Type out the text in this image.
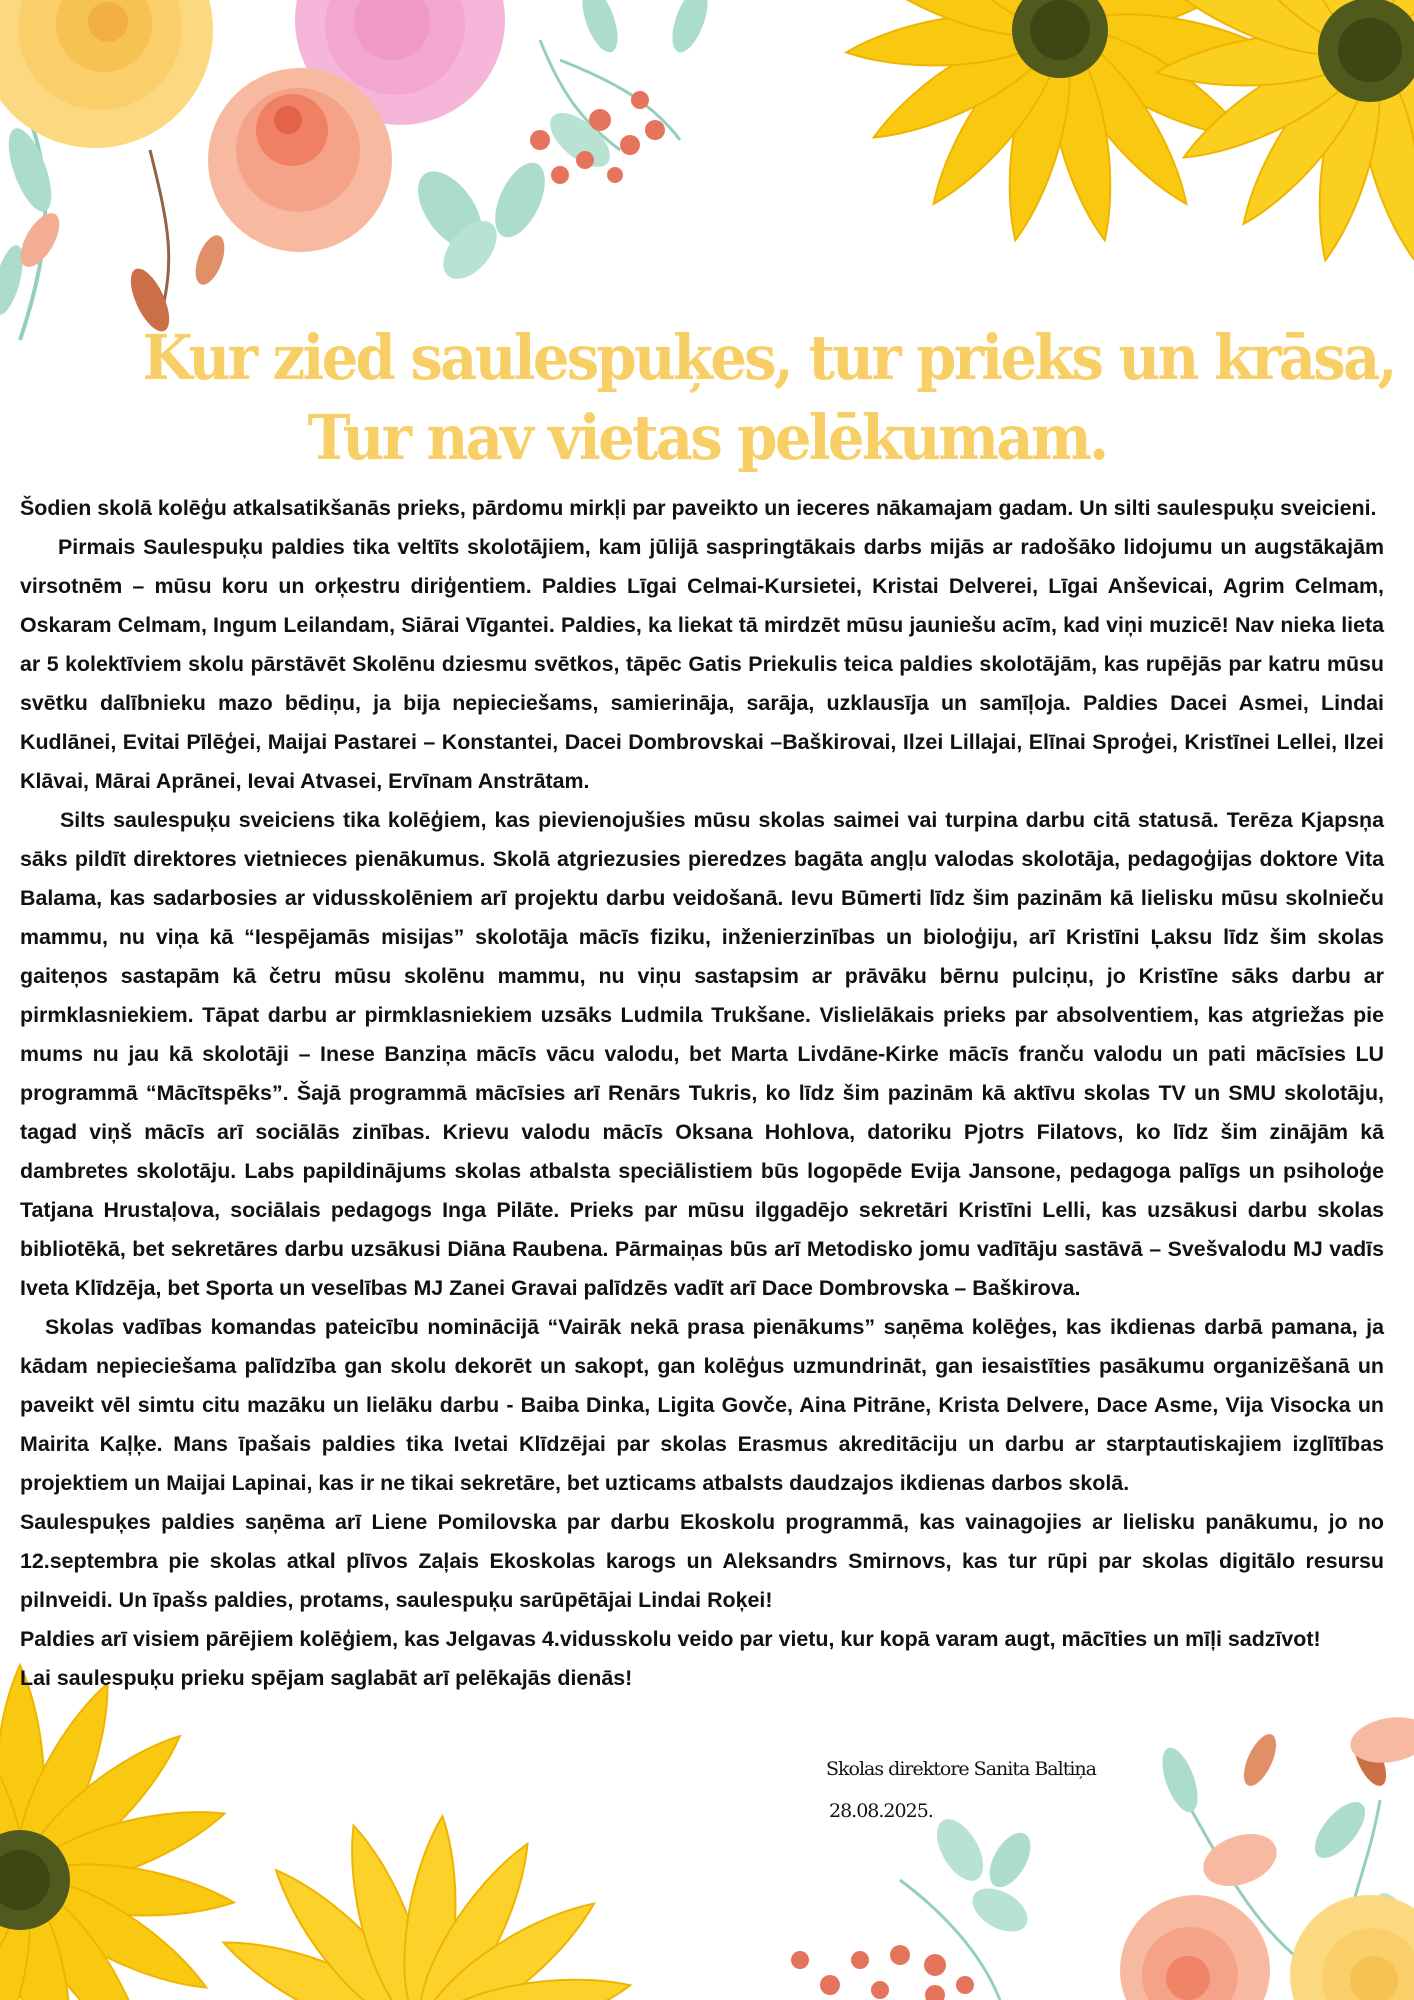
Kur zied saulespuķes, tur prieks un krāsa,
Tur nav vietas pelēkumam.

Šodien skolā kolēģu atkalsatikšanās prieks, pārdomu mirkļi par paveikto un ieceres nākamajam gadam. Un silti saulespuķu sveicieni.

Pirmais Saulespuķu paldies tika veltīts skolotājiem, kam jūlijā saspringtākais darbs mijās ar radošāko lidojumu un augstākajām virsotnēm – mūsu koru un orķestru diriģentiem. Paldies Līgai Celmai-Kursietei, Kristai Delverei, Līgai Anševicai, Agrim Celmam, Oskaram Celmam, Ingum Leilandam, Siārai Vīgantei. Paldies, ka liekat tā mirdzēt mūsu jauniešu acīm, kad viņi muzicē! Nav nieka lieta ar 5 kolektīviem skolu pārstāvēt Skolēnu dziesmu svētkos, tāpēc Gatis Priekulis teica paldies skolotājām, kas rupējās par katru mūsu svētku dalībnieku mazo bēdiņu, ja bija nepieciešams, samierināja, sarāja, uzklausīja un samīļoja. Paldies Dacei Asmei, Lindai Kudlānei, Evitai Pīlēģei, Maijai Pastarei – Konstantei, Dacei Dombrovskai –Baškirovai, Ilzei Lillajai, Elīnai Sproģei, Kristīnei Lellei, Ilzei Klāvai, Mārai Aprānei, Ievai Atvasei, Ervīnam Anstrātam.

Silts saulespuķu sveiciens tika kolēģiem, kas pievienojušies mūsu skolas saimei vai turpina darbu citā statusā. Terēza Kjapsņa sāks pildīt direktores vietnieces pienākumus. Skolā atgriezusies pieredzes bagāta angļu valodas skolotāja, pedagoģijas doktore Vita Balama, kas sadarbosies ar vidusskolēniem arī projektu darbu veidošanā. Ievu Būmerti līdz šim pazinām kā lielisku mūsu skolnieču mammu, nu viņa kā “Iespējamās misijas” skolotāja mācīs fiziku, inženierzinības un bioloģiju, arī Kristīni Ļaksu līdz šim skolas gaiteņos sastapām kā četru mūsu skolēnu mammu, nu viņu sastapsim ar prāvāku bērnu pulciņu, jo Kristīne sāks darbu ar pirmklasniekiem. Tāpat darbu ar pirmklasniekiem uzsāks Ludmila Trukšane. Vislielākais prieks par absolventiem, kas atgriežas pie mums nu jau kā skolotāji – Inese Banziņa mācīs vācu valodu, bet Marta Livdāne-Kirke mācīs franču valodu un pati mācīsies LU programmā “Mācītspēks”. Šajā programmā mācīsies arī Renārs Tukris, ko līdz šim pazinām kā aktīvu skolas TV un SMU skolotāju, tagad viņš mācīs arī sociālās zinības. Krievu valodu mācīs Oksana Hohlova, datoriku Pjotrs Filatovs, ko līdz šim zinājām kā dambretes skolotāju. Labs papildinājums skolas atbalsta speciālistiem būs logopēde Evija Jansone, pedagoga palīgs un psiholoģe Tatjana Hrustaļova, sociālais pedagogs Inga Pilāte. Prieks par mūsu ilggadējo sekretāri Kristīni Lelli, kas uzsākusi darbu skolas bibliotēkā, bet sekretāres darbu uzsākusi Diāna Raubena. Pārmaiņas būs arī Metodisko jomu vadītāju sastāvā – Svešvalodu MJ vadīs Iveta Klīdzēja, bet Sporta un veselības MJ Zanei Gravai palīdzēs vadīt arī Dace Dombrovska – Baškirova.

Skolas vadības komandas pateicību nominācijā “Vairāk nekā prasa pienākums” saņēma kolēģes, kas ikdienas darbā pamana, ja kādam nepieciešama palīdzība gan skolu dekorēt un sakopt, gan kolēģus uzmundrināt, gan iesaistīties pasākumu organizēšanā un paveikt vēl simtu citu mazāku un lielāku darbu - Baiba Dinka, Ligita Govče, Aina Pitrāne, Krista Delvere, Dace Asme, Vija Visocka un Mairita Kaļķe. Mans īpašais paldies tika Ivetai Klīdzējai par skolas Erasmus akreditāciju un darbu ar starptautiskajiem izglītības projektiem un Maijai Lapinai, kas ir ne tikai sekretāre, bet uzticams atbalsts daudzajos ikdienas darbos skolā.

Saulespuķes paldies saņēma arī Liene Pomilovska par darbu Ekoskolu programmā, kas vainagojies ar lielisku panākumu, jo no 12.septembra pie skolas atkal plīvos Zaļais Ekoskolas karogs un Aleksandrs Smirnovs, kas tur rūpi par skolas digitālo resursu pilnveidi. Un īpašs paldies, protams, saulespuķu sarūpētājai Lindai Roķei!

Paldies arī visiem pārējiem kolēģiem, kas Jelgavas 4.vidusskolu veido par vietu, kur kopā varam augt, mācīties un mīļi sadzīvot!

Lai saulespuķu prieku spējam saglabāt arī pelēkajās dienās!

Skolas direktore Sanita Baltiņa
28.08.2025.
